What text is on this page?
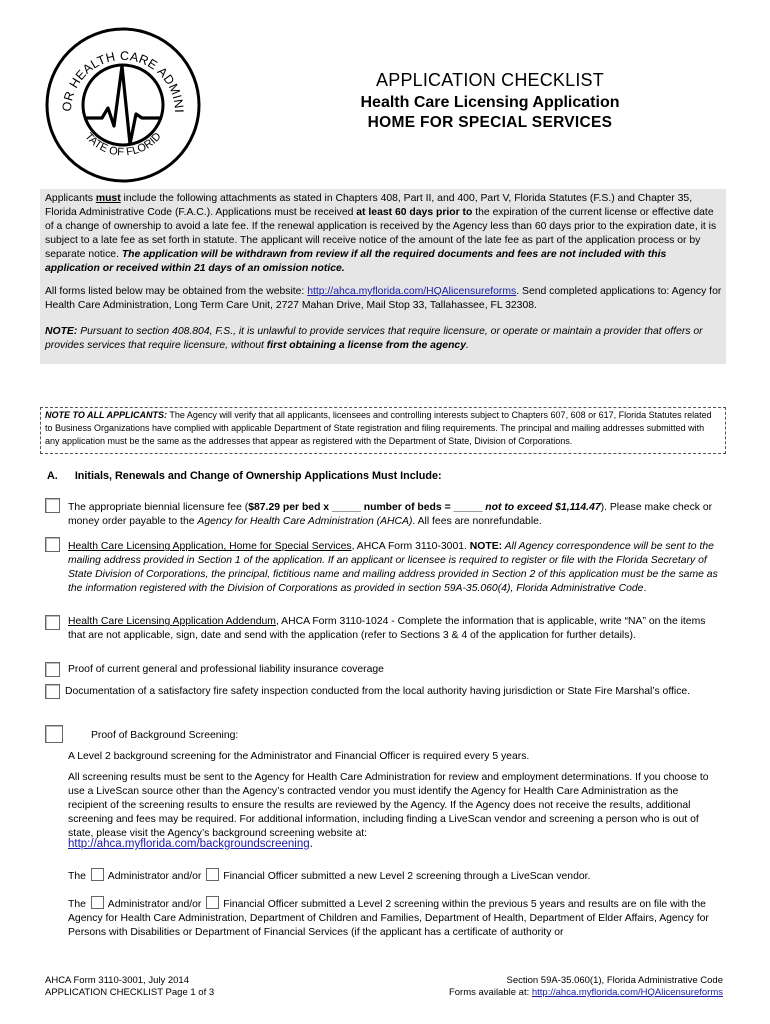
OR HEALTH CARE ADMINI
TATE OF FLORID
APPLICATION CHECKLIST
Health Care Licensing Application
HOME FOR SPECIAL SERVICES
Applicants must include the following attachments as stated in Chapters 408, Part II, and 400, Part V, Florida Statutes (F.S.) and Chapter 35, Florida Administrative Code (F.A.C.). Applications must be received at least 60 days prior to the expiration of the current license or effective date of a change of ownership to avoid a late fee. If the renewal application is received by the Agency less than 60 days prior to the expiration date, it is subject to a late fee as set forth in statute. The applicant will receive notice of the amount of the late fee as part of the application process or by separate notice. The application will be withdrawn from review if all the required documents and fees are not included with this application or received within 21 days of an omission notice.
All forms listed below may be obtained from the website: http://ahca.myflorida.com/HQAlicensureforms. Send completed applications to: Agency for Health Care Administration, Long Term Care Unit, 2727 Mahan Drive, Mail Stop 33, Tallahassee, FL 32308.
NOTE: Pursuant to section 408.804, F.S., it is unlawful to provide services that require licensure, or operate or maintain a provider that offers or provides services that require licensure, without first obtaining a license from the agency.
NOTE TO ALL APPLICANTS: The Agency will verify that all applicants, licensees and controlling interests subject to Chapters 607, 608 or 617, Florida Statutes related to Business Organizations have complied with applicable Department of State registration and filing requirements. The principal and mailing addresses submitted with any application must be the same as the addresses that appear as registered with the Department of State, Division of Corporations.
A. Initials, Renewals and Change of Ownership Applications Must Include:
The appropriate biennial licensure fee ($87.29 per bed x _____ number of beds = _____ not to exceed $1,114.47). Please make check or money order payable to the Agency for Health Care Administration (AHCA). All fees are nonrefundable.
Health Care Licensing Application, Home for Special Services, AHCA Form 3110-3001. NOTE: All Agency correspondence will be sent to the mailing address provided in Section 1 of the application. If an applicant or licensee is required to register or file with the Florida Secretary of State Division of Corporations, the principal, fictitious name and mailing address provided in Section 2 of this application must be the same as the information registered with the Division of Corporations as provided in section 59A-35.060(4), Florida Administrative Code.
Health Care Licensing Application Addendum, AHCA Form 3110-1024 - Complete the information that is applicable, write “NA” on the items that are not applicable, sign, date and send with the application (refer to Sections 3 & 4 of the application for further details).
Proof of current general and professional liability insurance coverage
Documentation of a satisfactory fire safety inspection conducted from the local authority having jurisdiction or State Fire Marshal’s office.
Proof of Background Screening:
A Level 2 background screening for the Administrator and Financial Officer is required every 5 years.
All screening results must be sent to the Agency for Health Care Administration for review and employment determinations. If you choose to use a LiveScan source other than the Agency’s contracted vendor you must identify the Agency for Health Care Administration as the recipient of the screening results to ensure the results are reviewed by the Agency. If the Agency does not receive the results, additional screening and fees may be required. For additional information, including finding a LiveScan vendor and screening a person who is out of state, please visit the Agency’s background screening website at:
http://ahca.myflorida.com/backgroundscreening.
The Administrator and/or Financial Officer submitted a new Level 2 screening through a LiveScan vendor.
The Administrator and/or Financial Officer submitted a Level 2 screening within the previous 5 years and results are on file with the Agency for Health Care Administration, Department of Children and Families, Department of Health, Department of Elder Affairs, Agency for Persons with Disabilities or Department of Financial Services (if the applicant has a certificate of authority or
AHCA Form 3110-3001, July 2014
APPLICATION CHECKLIST Page 1 of 3
Section 59A-35.060(1), Florida Administrative Code
Forms available at: http://ahca.myflorida.com/HQAlicensureforms
